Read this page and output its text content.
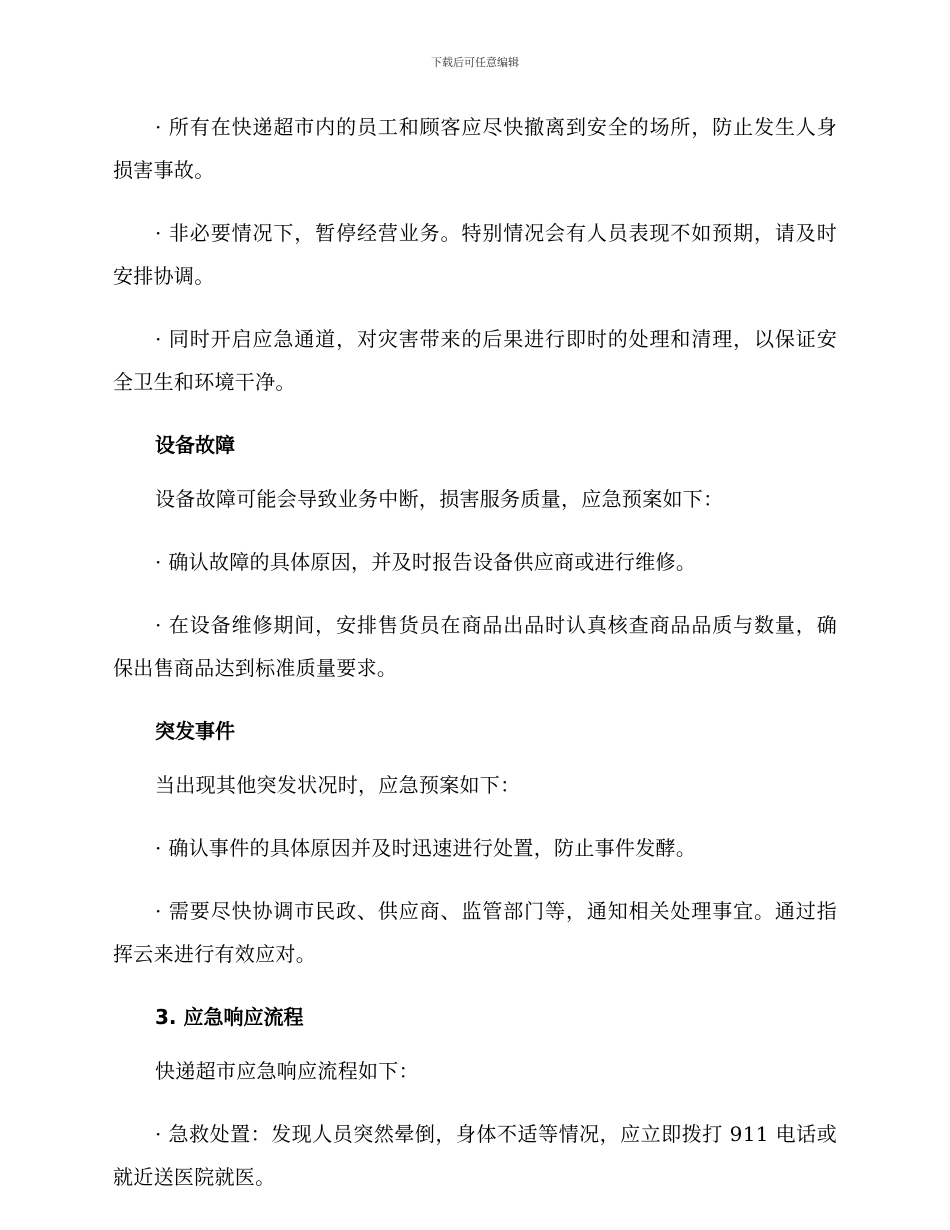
下载后可任意编辑

· 所有在快递超市内的员工和顾客应尽快撤离到安全的场所，防止发生人身损害事故。

· 非必要情况下，暂停经营业务。特别情况会有人员表现不如预期，请及时安排协调。

· 同时开启应急通道，对灾害带来的后果进行即时的处理和清理，以保证安全卫生和环境干净。

设备故障

设备故障可能会导致业务中断，损害服务质量，应急预案如下：

· 确认故障的具体原因，并及时报告设备供应商或进行维修。

· 在设备维修期间，安排售货员在商品出品时认真核查商品品质与数量，确保出售商品达到标准质量要求。

突发事件

当出现其他突发状况时，应急预案如下：

· 确认事件的具体原因并及时迅速进行处置，防止事件发酵。

· 需要尽快协调市民政、供应商、监管部门等，通知相关处理事宜。通过指挥云来进行有效应对。

3. 应急响应流程

快递超市应急响应流程如下：

· 急救处置：发现人员突然晕倒，身体不适等情况，应立即拨打 911 电话或就近送医院就医。
